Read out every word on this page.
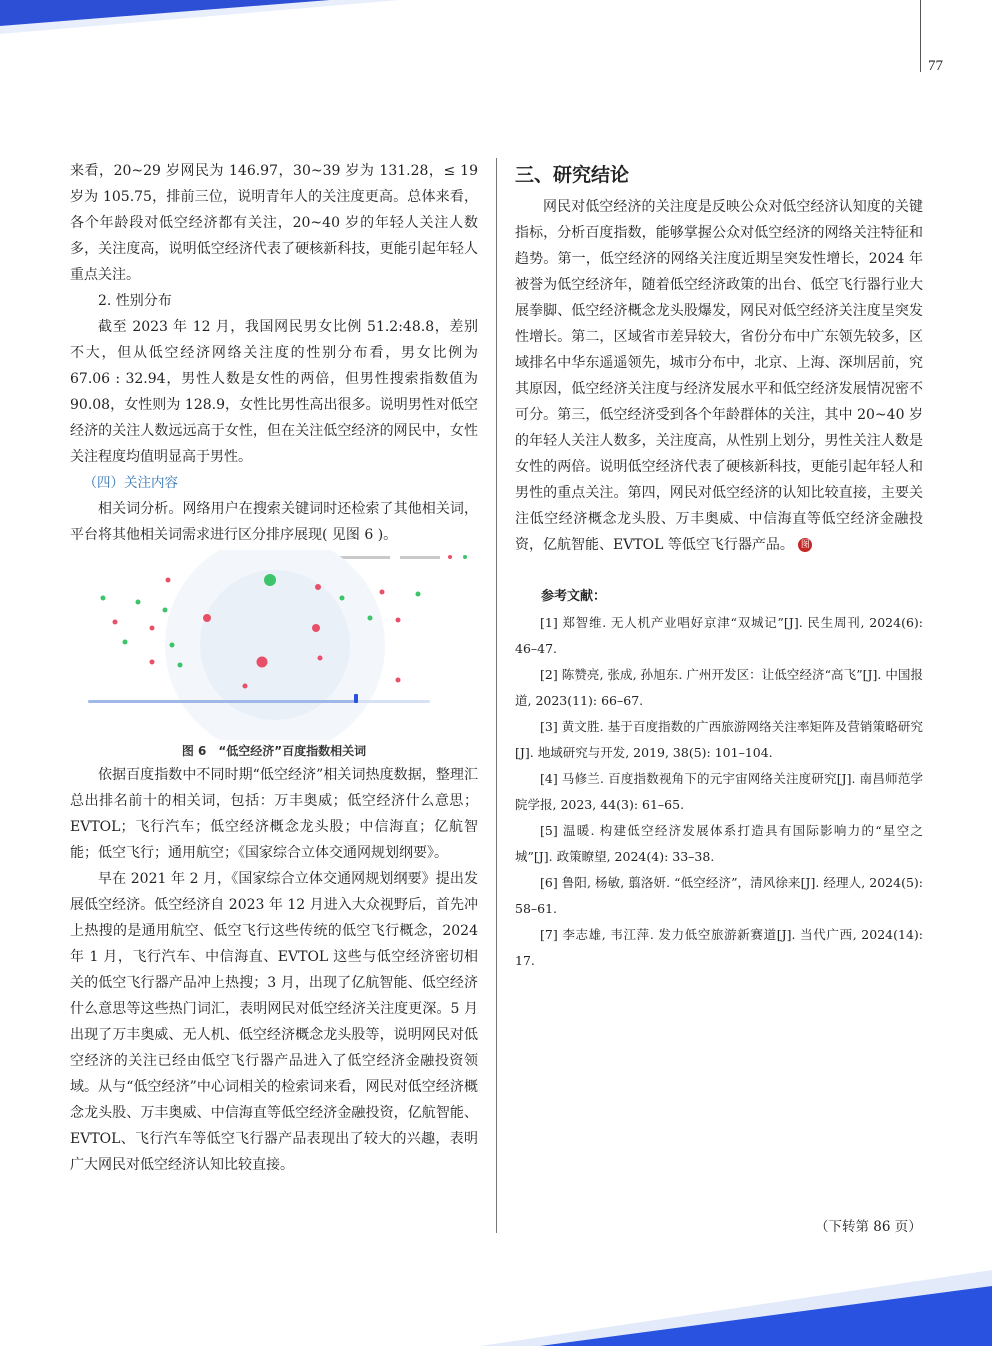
77

来看，20~29 岁网民为 146.97，30~39 岁为 131.28，≤ 19 岁为 105.75，排前三位，说明青年人的关注度更高。总体来看，各个年龄段对低空经济都有关注，20~40 岁的年轻人关注人数多，关注度高，说明低空经济代表了硬核新科技，更能引起年轻人重点关注。

2. 性别分布

截至 2023 年 12 月，我国网民男女比例 51.2:48.8，差别不大，但从低空经济网络关注度的性别分布看，男女比例为 67.06 : 32.94，男性人数是女性的两倍，但男性搜索指数值为 90.08，女性则为 128.9，女性比男性高出很多。说明男性对低空经济的关注人数远远高于女性，但在关注低空经济的网民中，女性关注程度均值明显高于男性。

（四）关注内容

相关词分析。网络用户在搜索关键词时还检索了其他相关词，平台将其他相关词需求进行区分排序展现( 见图 6 )。

图 6　“低空经济”百度指数相关词

依据百度指数中不同时期“低空经济”相关词热度数据，整理汇总出排名前十的相关词，包括：万丰奥威；低空经济什么意思；EVTOL；飞行汽车；低空经济概念龙头股；中信海直；亿航智能；低空飞行；通用航空；《国家综合立体交通网规划纲要》。

早在 2021 年 2 月，《国家综合立体交通网规划纲要》提出发展低空经济。低空经济自 2023 年 12 月进入大众视野后，首先冲上热搜的是通用航空、低空飞行这些传统的低空飞行概念，2024 年 1 月，飞行汽车、中信海直、EVTOL 这些与低空经济密切相关的低空飞行器产品冲上热搜；3 月，出现了亿航智能、低空经济什么意思等这些热门词汇，表明网民对低空经济关注度更深。5 月出现了万丰奥威、无人机、低空经济概念龙头股等，说明网民对低空经济的关注已经由低空飞行器产品进入了低空经济金融投资领域。从与“低空经济”中心词相关的检索词来看，网民对低空经济概念龙头股、万丰奥威、中信海直等低空经济金融投资，亿航智能、EVTOL、飞行汽车等低空飞行器产品表现出了较大的兴趣，表明广大网民对低空经济认知比较直接。

三、研究结论

网民对低空经济的关注度是反映公众对低空经济认知度的关键指标，分析百度指数，能够掌握公众对低空经济的网络关注特征和趋势。第一，低空经济的网络关注度近期呈突发性增长，2024 年被誉为低空经济年，随着低空经济政策的出台、低空飞行器行业大展拳脚、低空经济概念龙头股爆发，网民对低空经济关注度呈突发性增长。第二，区域省市差异较大，省份分布中广东领先较多，区域排名中华东遥遥领先，城市分布中，北京、上海、深圳居前，究其原因，低空经济关注度与经济发展水平和低空经济发展情况密不可分。第三，低空经济受到各个年龄群体的关注，其中 20~40 岁的年轻人关注人数多，关注度高，从性别上划分，男性关注人数是女性的两倍。说明低空经济代表了硬核新科技，更能引起年轻人和男性的重点关注。第四，网民对低空经济的认知比较直接，主要关注低空经济概念龙头股、万丰奥威、中信海直等低空经济金融投资，亿航智能、EVTOL 等低空飞行器产品。 图

参考文献：

[1] 郑智维. 无人机产业唱好京津“双城记”[J]. 民生周刊, 2024(6): 46–47.

[2] 陈赞亮, 张成, 孙旭东. 广州开发区：让低空经济“高飞”[J]. 中国报道, 2023(11): 66–67.

[3] 黄文胜. 基于百度指数的广西旅游网络关注率矩阵及营销策略研究[J]. 地域研究与开发, 2019, 38(5): 101–104.

[4] 马修兰. 百度指数视角下的元宇宙网络关注度研究[J]. 南昌师范学院学报, 2023, 44(3): 61–65.

[5] 温暖. 构建低空经济发展体系打造具有国际影响力的“星空之城”[J]. 政策瞭望, 2024(4): 33–38.

[6] 鲁阳, 杨敏, 翦洛妍. “低空经济”，清风徐来[J]. 经理人, 2024(5): 58–61.

[7] 李志雄, 韦江萍. 发力低空旅游新赛道[J]. 当代广西, 2024(14): 17.

（下转第 86 页）
